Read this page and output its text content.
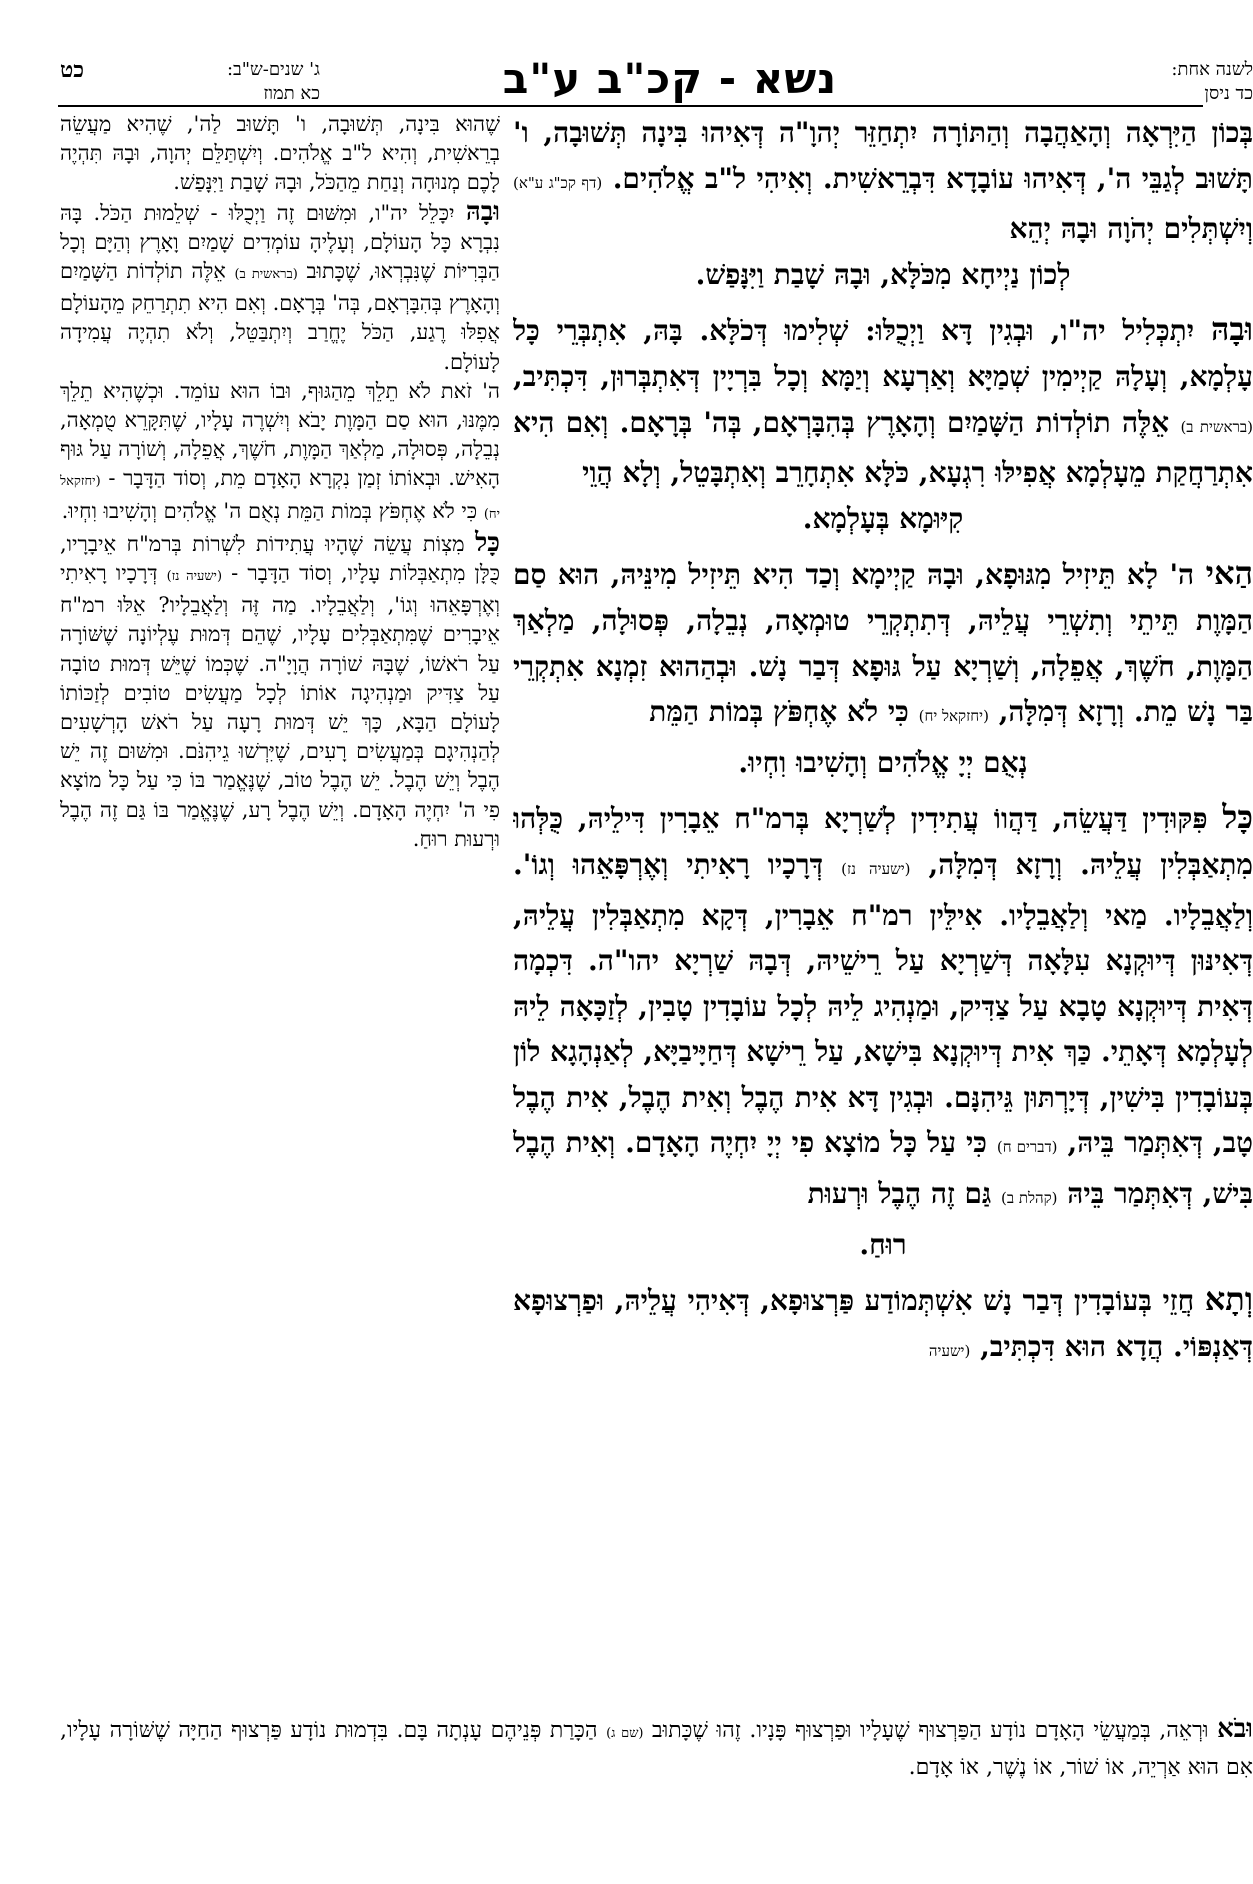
לשנה אחת:
כד ניסן
נשא - קכ"ב ע"ב
ג' שנים-ש"ב:
כט
כא תמוז

בְּכוֹן הַיִּרְאָה וְהָאַהֲבָה וְהַתּוֹרָה יִתְחַזֵּר יְהוָ"ה דְּאִיהוּ בִּינָה תְּשׁוּבָה, ו' תָּשׁוּב לְגַבֵּי ה', דְּאִיהוּ עוֹבָדָא דִּבְרֵאשִׁית. וְאִיהִי ל"ב אֱלֹהִים. (דף קכ"ג ע"א) וְיִשְׁתְּלִים יְהֹוָה וּבָהּ יְהֵא

לְכוֹן נַיְיחָא מִכֹּלָּא, וּבָהּ שָׁבַת וַיִּנָּפַשׁ.

וּבָהּ יִתְכְּלִיל יה"ו, וּבְגִין דָּא וַיְכֻלּוּ: שְׁלִימוּ דְּכֹלָּא. בָּהּ, אִתְבְּרֵי כָּל עָלְמָא, וְעָלָהּ קַיְימִין שְׁמַיָּא וְאַרְעָא וְיַמָּא וְכָל בִּרְיָין דְּאִתְבְּרוּן, דִּכְתִּיב, (בראשית ב) אֵלֶּה תוֹלְדוֹת הַשָּׁמַיִם וְהָאָרֶץ בְּהִבָּרְאָם, בְּה' בְּרָאָם. וְאִם הִיא אִתְרַחֲקַת מֵעָלְמָא אֲפִילּוּ רִגְעָא, כֹּלָּא אִתְחָרֵב וְאִתְבָּטֵל, וְלָא הֲוֵי

קִיּוּמָא בְּעָלְמָא.

הַאי ה' לָא תֵּיזִיל מִגּוּפָא, וּבָהּ קַיְימָא וְכַד הִיא תֵּיזִיל מִינֵּיהּ, הוּא סַם הַמָּוֶת תֵּיתֵי וְתִשְׁרֵי עֲלֵיהּ, דְּתִתְקְרֵי טוּמְאָה, נְבֵלָה, פְּסוּלָה, מַלְאַךְ הַמָּוֶת, חֹשֶׁךְ, אֲפֵלָה, וְשַׁרְיָא עַל גּוּפָא דְּבַר נָשׁ. וּבְהַהוּא זִמְנָא אִתְקְרֵי בַּר נָשׁ מֵת. וְרָזָא דְּמִלָּה, (יחזקאל יח) כִּי לֹא אֶחְפֹּץ בְּמוֹת הַמֵּת

נְאֻם יְיָ אֱלֹהִים וְהָשִׁיבוּ וִחְיוּ.

כָּל פִּקּוּדִין דַּעֲשֵׂה, דַּהֲווֹ עֲתִידִין לְשַׁרְיָא בְּרמ"ח אֵבָרִין דִּילֵיהּ, כֻּלְּהוּ מִתְאַבְּלִין עֲלֵיהּ. וְרָזָא דְּמִלָּה, (ישעיה נז) דְּרָכָיו רָאִיתִי וְאֶרְפָּאֵהוּ וְגוֹ'. וְלַאֲבֵלָיו. מַאי וְלַאֲבֵלָיו. אִילֵּין רמ"ח אֵבָרִין, דְּקָא מִתְאַבְּלִין עֲלֵיהּ, דְּאִינּוּן דְּיוּקְנָא עִלָּאָה דְּשַׁרְיָא עַל רֵישֵׁיהּ, דְּבָהּ שַׁרְיָא יהו"ה. דִּכְמָה דְּאִית דְּיוּקְנָא טָבָא עַל צַדִּיק, וּמַנְהִיג לֵיהּ לְכָל עוֹבָדִין טָבִין, לְזַכָּאָה לֵיהּ לְעָלְמָא דְּאָתֵי. כַּךְ אִית דְּיוּקְנָא בִּישָׁא, עַל רֵישָׁא דְּחַיָּיבַיָּא, לְאַנְהָגָא לוֹן בְּעוֹבָדִין בִּישִׁין, דְּיָרְתּוּן גֵּיהִנָּם. וּבְגִין דָּא אִית הֶבֶל וְאִית הֶבֶל, אִית הֶבֶל טָב, דְּאִתְּמַר בֵּיהּ, (דברים ח) כִּי עַל כָּל מוֹצָא פִי יְיָ יִחְיֶה הָאָדָם. וְאִית הֶבֶל בִּישׁ, דְּאִתְּמַר בֵּיהּ (קהלת ב) גַּם זֶה הֶבֶל וּרְעוּת

רוּחַ.

וְתָא חֲזֵי בְּעוֹבָדִין דְּבַר נָשׁ אִשְׁתְּמוֹדַע פַּרְצוּפָא, דְּאִיהִי עֲלֵיהּ, וּפַרְצוּפָא דְּאַנְפּוֹי. הֲדָא הוּא דִּכְתִּיב, (ישעיה

שֶׁהוּא בִּינָה, תְּשׁוּבָה, ו' תָּשׁוּב לַה', שֶׁהִיא מַעֲשֵׂה בְרֵאשִׁית, וְהִיא ל"ב אֱלֹהִים. וְיִשְׁתַּלֵּם יְהוָה, וּבָהּ תִּהְיֶה לָכֶם מְנוּחָה וְנַחַת מֵהַכֹּל, וּבָהּ שָׁבַת וַיִּנָּפַשׁ.

וּבָהּ יִכָּלֵל יה"ו, וּמִשּׁוּם זֶה וַיְכֻלּוּ - שְׁלֵמוּת הַכֹּל. בָּהּ נִבְרָא כָּל הָעוֹלָם, וְעָלֶיהָ עוֹמְדִים שָׁמַיִם וָאָרֶץ וְהַיָּם וְכָל הַבְּרִיּוֹת שֶׁנִּבְרְאוּ, שֶׁכָּתוּב (בראשית ב) אֵלֶּה תוֹלְדוֹת הַשָּׁמַיִם וְהָאָרֶץ בְּהִבָּרְאָם, בְּה' בְּרָאָם. וְאִם הִיא תִתְרַחֵק מֵהָעוֹלָם אֲפִלּוּ רֶגַע, הַכֹּל יֶחֱרַב וְיִתְבַּטֵּל, וְלֹא תִהְיֶה עֲמִידָה לָעוֹלָם.

ה' זֹאת לֹא תֵלֵךְ מֵהַגּוּף, וּבוֹ הוּא עוֹמֵד. וּכְשֶׁהִיא תֵלֵךְ מִמֶּנּוּ, הוּא סַם הַמָּוֶת יָבֹא וְיִשְׁרֶה עָלָיו, שֶׁתִּקָּרֵא טֻמְאָה, נְבֵלָה, פְּסוּלָה, מַלְאַךְ הַמָּוֶת, חֹשֶׁךְ, אֲפֵלָה, וְשׁוֹרָה עַל גּוּף הָאִישׁ. וּבְאוֹתוֹ זְמַן נִקְרָא הָאָדָם מֵת, וְסוֹד הַדָּבָר - (יחזקאל יח) כִּי לֹא אֶחְפֹּץ בְּמוֹת הַמֵּת נְאֻם ה' אֱלֹהִים וְהָשִׁיבוּ וִחְיוּ.

כָּל מִצְוֹת עֲשֵׂה שֶׁהָיוּ עֲתִידוֹת לִשְׁרוֹת בְּרמ"ח אֵיבָרָיו, כֻּלָּן מִתְאַבְּלוֹת עָלָיו, וְסוֹד הַדָּבָר - (ישעיה נז) דְּרָכָיו רָאִיתִי וְאֶרְפָּאֵהוּ וְגוֹ', וְלַאֲבֵלָיו. מַה זֶּה וְלַאֲבֵלָיו? אֵלּוּ רמ"ח אֵיבָרִים שֶׁמִּתְאַבְּלִים עָלָיו, שֶׁהֵם דְּמוּת עֶלְיוֹנָה שֶׁשּׁוֹרָה עַל רֹאשׁוֹ, שֶׁבָּהּ שׁוֹרָה הֲוָיָ"ה. שֶׁכְּמוֹ שֶׁיֵּשׁ דְּמוּת טוֹבָה עַל צַדִּיק וּמַנְהִיגָה אוֹתוֹ לְכָל מַעֲשִׂים טוֹבִים לְזַכּוֹתוֹ לָעוֹלָם הַבָּא, כָּךְ יֵשׁ דְּמוּת רָעָה עַל רֹאשׁ הָרְשָׁעִים לְהַנְהִיגָם בְּמַעֲשִׂים רָעִים, שֶׁיִּרְשׁוּ גֵיהִנֹּם. וּמִשּׁוּם זֶה יֵשׁ הֶבֶל וְיֵשׁ הֶבֶל. יֵשׁ הֶבֶל טוֹב, שֶׁנֶּאֱמַר בּוֹ כִּי עַל כָּל מוֹצָא פִי ה' יִחְיֶה הָאָדָם. וְיֵשׁ הֶבֶל רָע, שֶׁנֶּאֱמַר בּוֹ גַּם זֶה הֶבֶל וּרְעוּת רוּחַ.

וּבֹא וּרְאֵה, בְּמַעֲשֵׂי הָאָדָם נוֹדָע הַפַּרְצוּף שֶׁעָלָיו וּפַרְצוּף פָּנָיו. זֶהוּ שֶׁכָּתוּב (שם ג) הַכָּרַת פְּנֵיהֶם עָנְתָה בָּם. בִּדְמוּת נוֹדָע פַּרְצוּף הַחַיָּה שֶׁשּׁוֹרָה עָלָיו, אִם הוּא אַרְיֵה, אוֹ שׁוֹר, אוֹ נֶשֶׁר, אוֹ אָדָם.
